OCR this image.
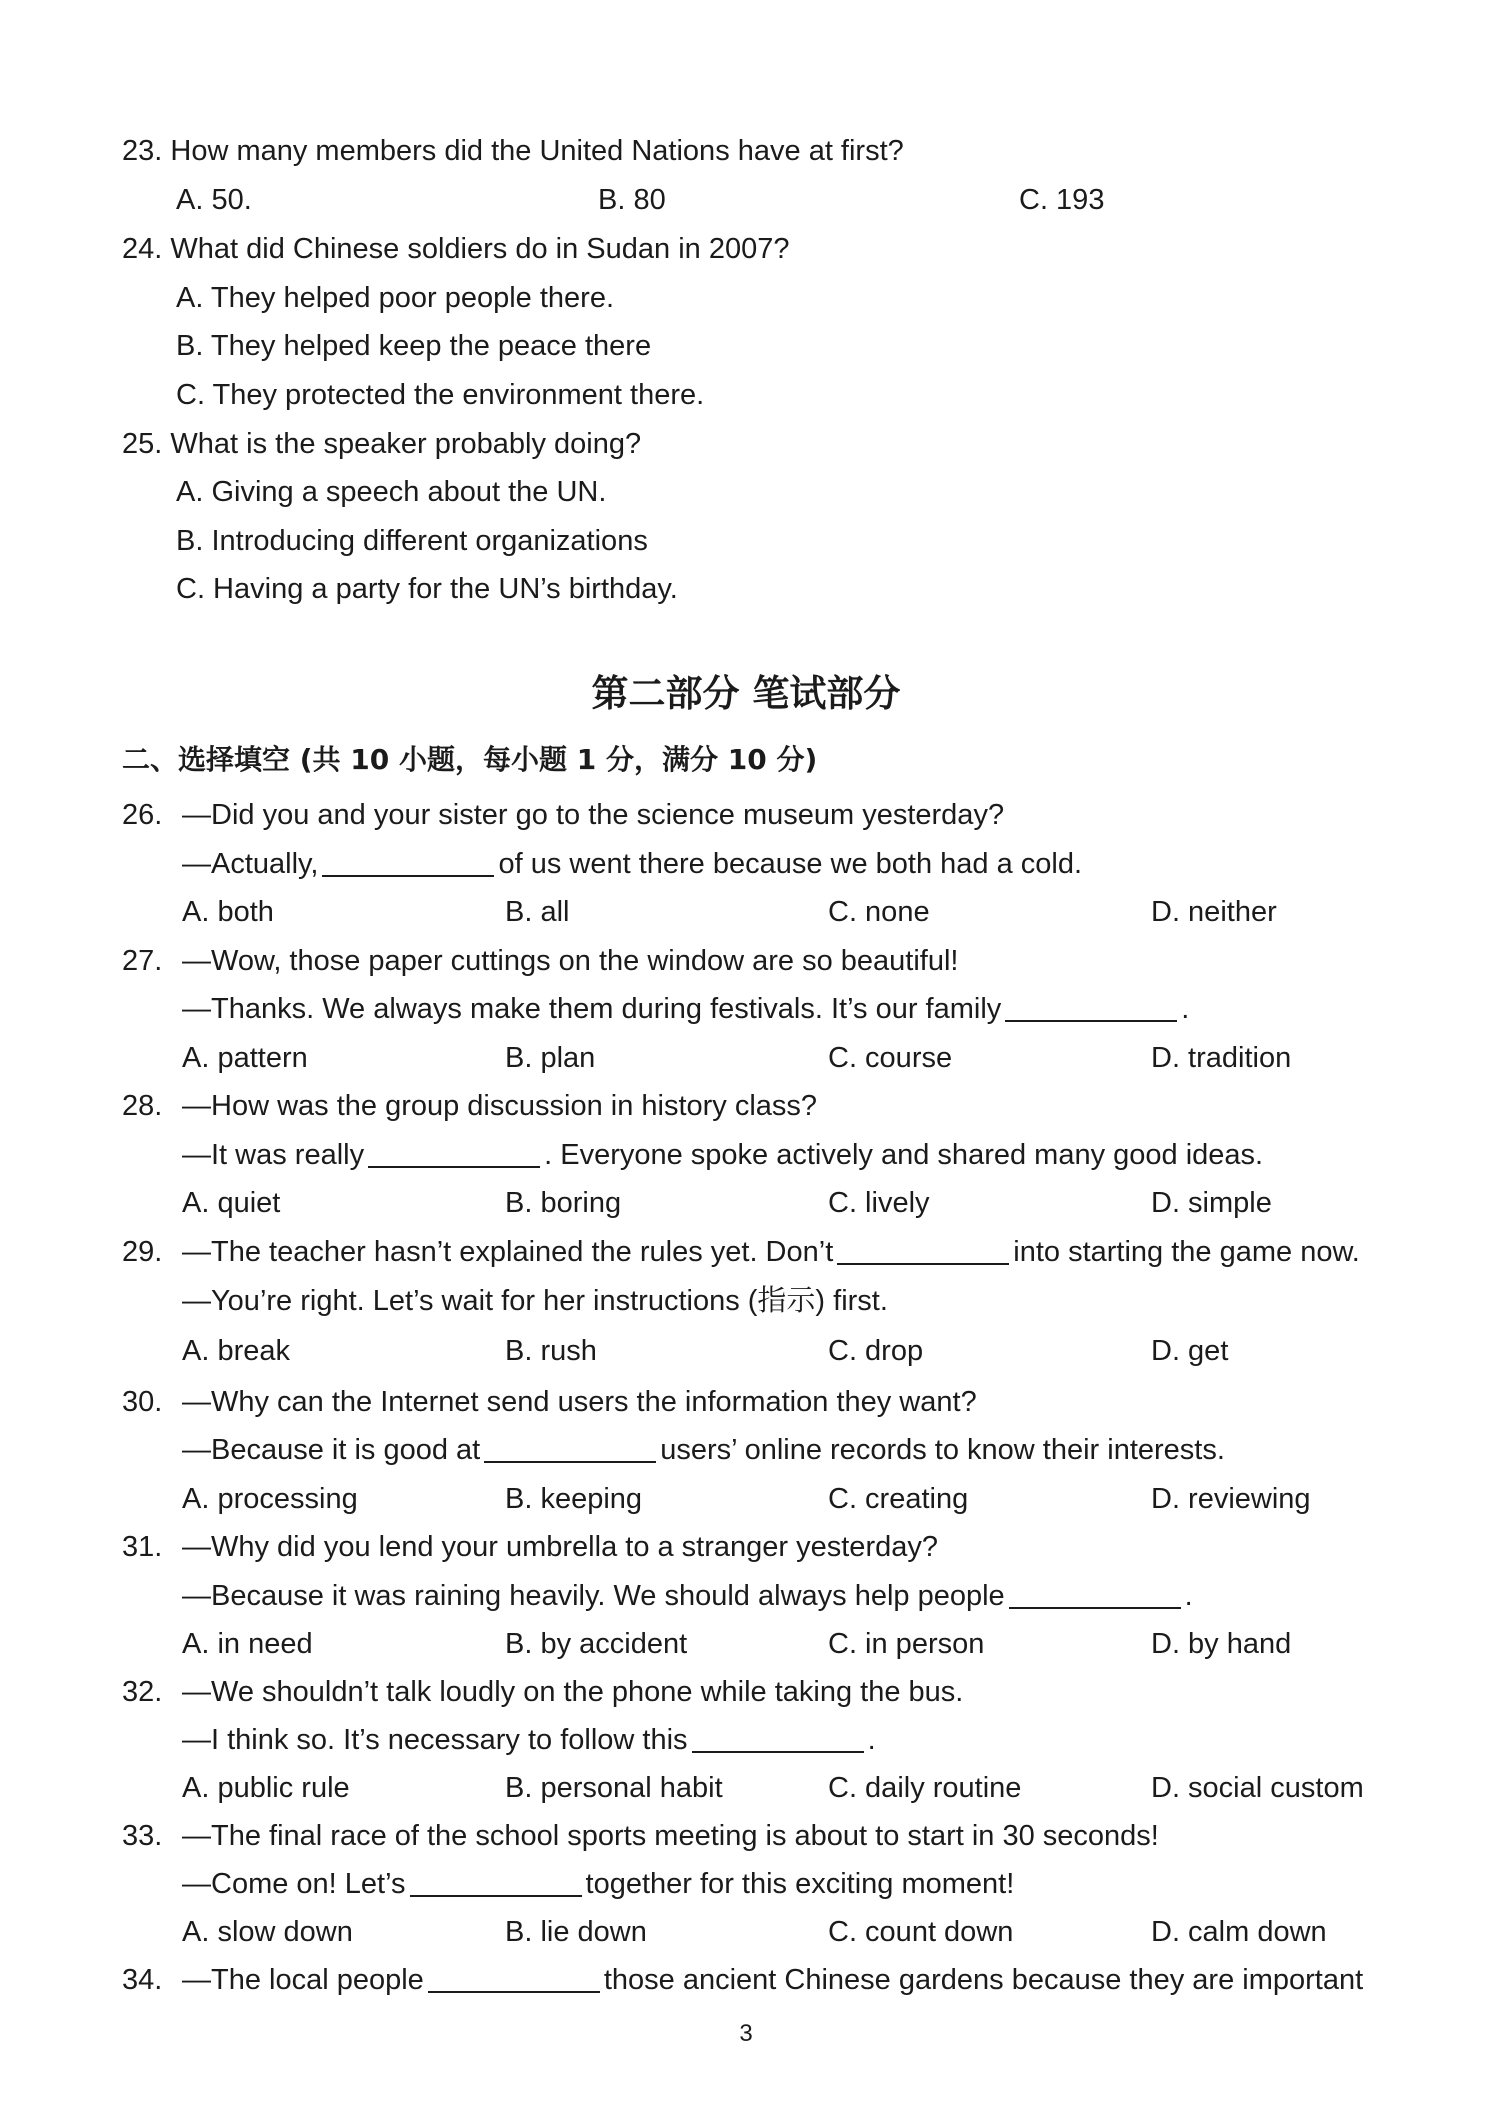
23. How many members did the United Nations have at first?
A. 50.	B. 80	C. 193
24. What did Chinese soldiers do in Sudan in 2007?
A. They helped poor people there.
B. They helped keep the peace there
C. They protected the environment there.
25. What is the speaker probably doing?
A. Giving a speech about the UN.
B. Introducing different organizations
C. Having a party for the UN’s birthday.
第二部分 笔试部分
二、选择填空 (共 10 小题，每小题 1 分，满分 10 分)
26. —Did you and your sister go to the science museum yesterday?
—Actually,	of us went there because we both had a cold.
A. both	B. all	C. none	D. neither
27. —Wow, those paper cuttings on the window are so beautiful!
—Thanks. We always make them during festivals. It’s our family	.
A. pattern	B. plan	C. course	D. tradition
28. —How was the group discussion in history class?
—It was really	. Everyone spoke actively and shared many good ideas.
A. quiet	B. boring	C. lively	D. simple
29. —The teacher hasn’t explained the rules yet. Don’t	into starting the game now.
—You’re right. Let’s wait for her instructions (指示) first.
A. break	B. rush	C. drop	D. get
30. —Why can the Internet send users the information they want?
—Because it is good at	users’ online records to know their interests.
A. processing	B. keeping	C. creating	D. reviewing
31. —Why did you lend your umbrella to a stranger yesterday?
—Because it was raining heavily. We should always help people	.
A. in need	B. by accident	C. in person	D. by hand
32. —We shouldn’t talk loudly on the phone while taking the bus.
—I think so. It’s necessary to follow this	.
A. public rule	B. personal habit	C. daily routine	D. social custom
33. —The final race of the school sports meeting is about to start in 30 seconds!
—Come on! Let’s	together for this exciting moment!
A. slow down	B. lie down	C. count down	D. calm down
34. —The local people	those ancient Chinese gardens because they are important
3
